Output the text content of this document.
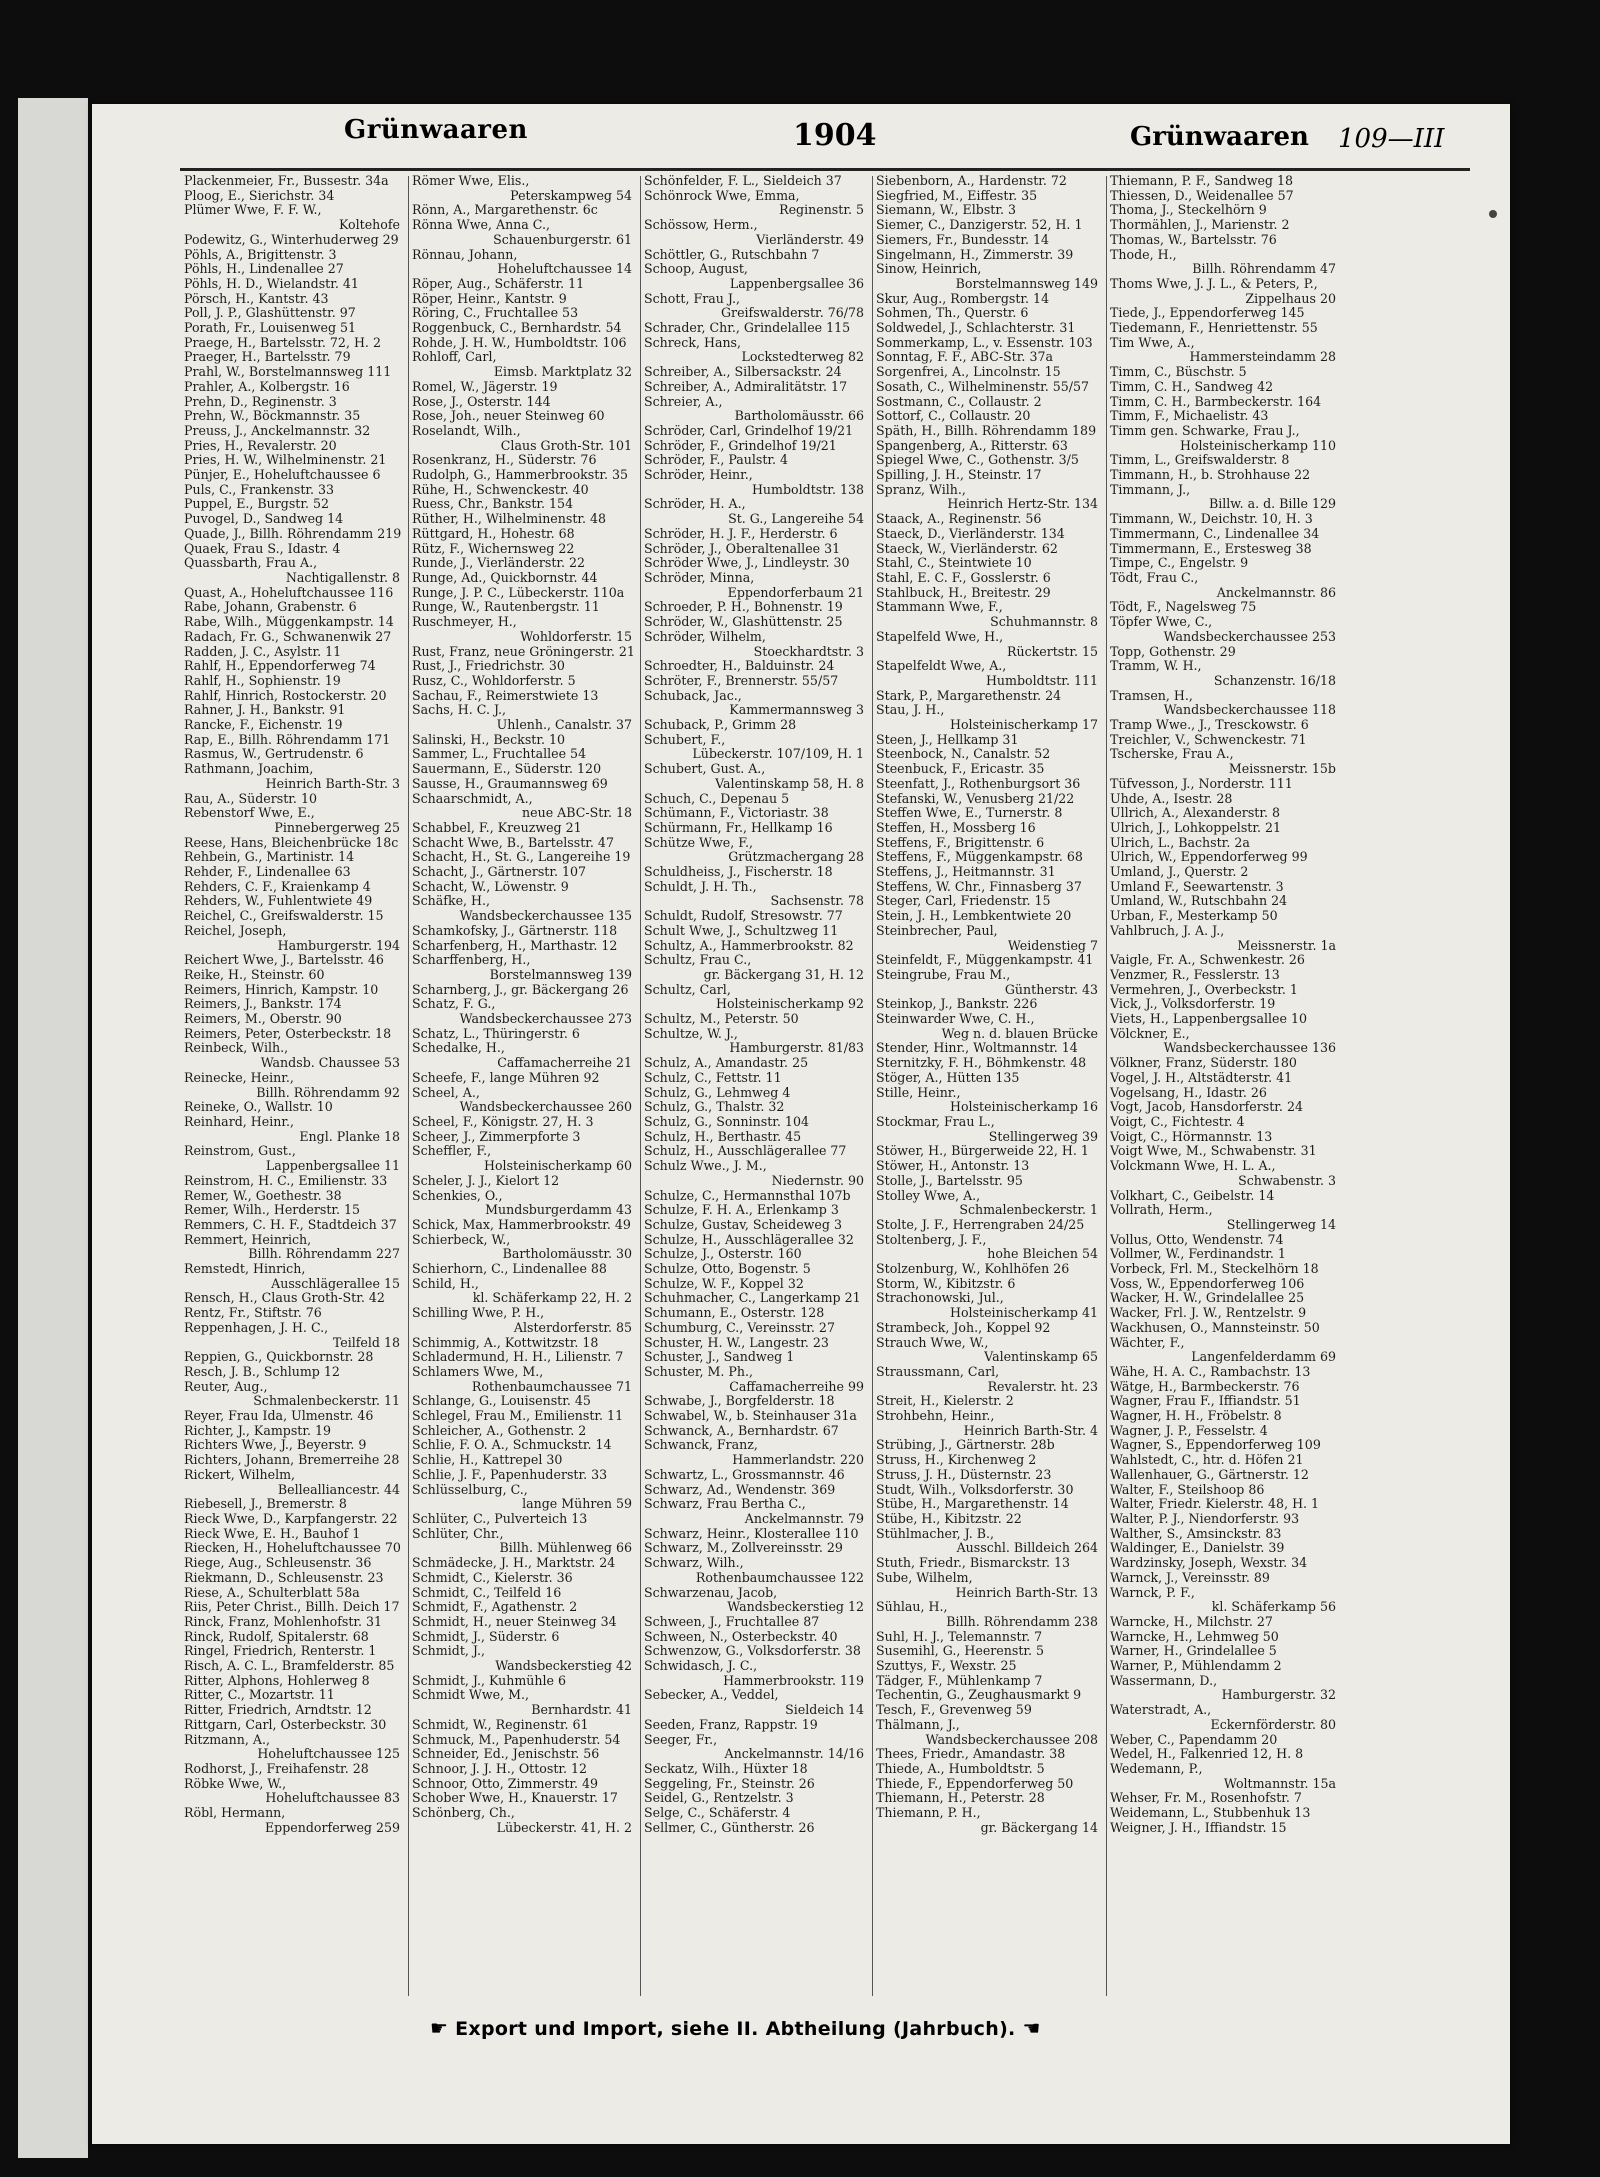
Grünwaaren	1904	Grünwaaren 109—III
Plackenmeier, Fr., Bussestr. 34a
Ploog, E., Sierichstr. 34
Plümer Wwe, F. F. W.,
Koltehofe
Podewitz, G., Winterhuderweg 29
Pöhls, A., Brigittenstr. 3
Pöhls, H., Lindenallee 27
Pöhls, H. D., Wielandstr. 41
Pörsch, H., Kantstr. 43
Poll, J. P., Glashüttenstr. 97
Porath, Fr., Louisenweg 51
Praege, H., Bartelsstr. 72, H. 2
Praeger, H., Bartelsstr. 79
Prahl, W., Borstelmannsweg 111
Prahler, A., Kolbergstr. 16
Prehn, D., Reginenstr. 3
Prehn, W., Böckmannstr. 35
Preuss, J., Anckelmannstr. 32
Pries, H., Revalerstr. 20
Pries, H. W., Wilhelminenstr. 21
Pünjer, E., Hoheluftchaussee 6
Puls, C., Frankenstr. 33
Puppel, E., Burgstr. 52
Puvogel, D., Sandweg 14
Quade, J., Billh. Röhrendamm 219
Quaek, Frau S., Idastr. 4
Quassbarth, Frau A.,
Nachtigallenstr. 8
Quast, A., Hoheluftchaussee 116
Rabe, Johann, Grabenstr. 6
Rabe, Wilh., Müggenkampstr. 14
Radach, Fr. G., Schwanenwik 27
Radden, J. C., Asylstr. 11
Rahlf, H., Eppendorferweg 74
Rahlf, H., Sophienstr. 19
Rahlf, Hinrich, Rostockerstr. 20
Rahner, J. H., Bankstr. 91
Rancke, F., Eichenstr. 19
Rap, E., Billh. Röhrendamm 171
Rasmus, W., Gertrudenstr. 6
Rathmann, Joachim,
Heinrich Barth-Str. 3
Rau, A., Süderstr. 10
Rebenstorf Wwe, E.,
Pinnebergerweg 25
Reese, Hans, Bleichenbrücke 18c
Rehbein, G., Martinistr. 14
Rehder, F., Lindenallee 63
Rehders, C. F., Kraienkamp 4
Rehders, W., Fuhlentwiete 49
Reichel, C., Greifswalderstr. 15
Reichel, Joseph,
Hamburgerstr. 194
Reichert Wwe, J., Bartelsstr. 46
Reike, H., Steinstr. 60
Reimers, Hinrich, Kampstr. 10
Reimers, J., Bankstr. 174
Reimers, M., Oberstr. 90
Reimers, Peter, Osterbeckstr. 18
Reinbeck, Wilh.,
Wandsb. Chaussee 53
Reinecke, Heinr.,
Billh. Röhrendamm 92
Reineke, O., Wallstr. 10
Reinhard, Heinr.,
Engl. Planke 18
Reinstrom, Gust.,
Lappenbergsallee 11
Reinstrom, H. C., Emilienstr. 33
Remer, W., Goethestr. 38
Remer, Wilh., Herderstr. 15
Remmers, C. H. F., Stadtdeich 37
Remmert, Heinrich,
Billh. Röhrendamm 227
Remstedt, Hinrich,
Ausschlägerallee 15
Rensch, H., Claus Groth-Str. 42
Rentz, Fr., Stiftstr. 76
Reppenhagen, J. H. C.,
Teilfeld 18
Reppien, G., Quickbornstr. 28
Resch, J. B., Schlump 12
Reuter, Aug.,
Schmalenbeckerstr. 11
Reyer, Frau Ida, Ulmenstr. 46
Richter, J., Kampstr. 19
Richters Wwe, J., Beyerstr. 9
Richters, Johann, Bremerreihe 28
Rickert, Wilhelm,
Bellealliancestr. 44
Riebesell, J., Bremerstr. 8
Rieck Wwe, D., Karpfangerstr. 22
Rieck Wwe, E. H., Bauhof 1
Riecken, H., Hoheluftchaussee 70
Riege, Aug., Schleusenstr. 36
Riekmann, D., Schleusenstr. 23
Riese, A., Schulterblatt 58a
Riis, Peter Christ., Billh. Deich 17
Rinck, Franz, Mohlenhofstr. 31
Rinck, Rudolf, Spitalerstr. 68
Ringel, Friedrich, Renterstr. 1
Risch, A. C. L., Bramfelderstr. 85
Ritter, Alphons, Hohlerweg 8
Ritter, C., Mozartstr. 11
Ritter, Friedrich, Arndtstr. 12
Rittgarn, Carl, Osterbeckstr. 30
Ritzmann, A.,
Hoheluftchaussee 125
Rodhorst, J., Freihafenstr. 28
Röbke Wwe, W.,
Hoheluftchaussee 83
Röbl, Hermann,
Eppendorferweg 259
Römer Wwe, Elis.,
Peterskampweg 54
Rönn, A., Margarethenstr. 6c
Rönna Wwe, Anna C.,
Schauenburgerstr. 61
Rönnau, Johann,
Hoheluftchaussee 14
Röper, Aug., Schäferstr. 11
Röper, Heinr., Kantstr. 9
Röring, C., Fruchtallee 53
Roggenbuck, C., Bernhardstr. 54
Rohde, J. H. W., Humboldtstr. 106
Rohloff, Carl,
Eimsb. Marktplatz 32
Romel, W., Jägerstr. 19
Rose, J., Osterstr. 144
Rose, Joh., neuer Steinweg 60
Roselandt, Wilh.,
Claus Groth-Str. 101
Rosenkranz, H., Süderstr. 76
Rudolph, G., Hammerbrookstr. 35
Rühe, H., Schwenckestr. 40
Ruess, Chr., Bankstr. 154
Rüther, H., Wilhelminenstr. 48
Rüttgard, H., Hohestr. 68
Rütz, F., Wichernsweg 22
Runde, J., Vierländerstr. 22
Runge, Ad., Quickbornstr. 44
Runge, J. P. C., Lübeckerstr. 110a
Runge, W., Rautenbergstr. 11
Ruschmeyer, H.,
Wohldorferstr. 15
Rust, Franz, neue Gröningerstr. 21
Rust, J., Friedrichstr. 30
Rusz, C., Wohldorferstr. 5
Sachau, F., Reimerstwiete 13
Sachs, H. C. J.,
Uhlenh., Canalstr. 37
Salinski, H., Beckstr. 10
Sammer, L., Fruchtallee 54
Sauermann, E., Süderstr. 120
Sausse, H., Graumannsweg 69
Schaarschmidt, A.,
neue ABC-Str. 18
Schabbel, F., Kreuzweg 21
Schacht Wwe, B., Bartelsstr. 47
Schacht, H., St. G., Langereihe 19
Schacht, J., Gärtnerstr. 107
Schacht, W., Löwenstr. 9
Schäfke, H.,
Wandsbeckerchaussee 135
Schamkofsky, J., Gärtnerstr. 118
Scharfenberg, H., Marthastr. 12
Scharffenberg, H.,
Borstelmannsweg 139
Scharnberg, J., gr. Bäckergang 26
Schatz, F. G.,
Wandsbeckerchaussee 273
Schatz, L., Thüringerstr. 6
Schedalke, H.,
Caffamacherreihe 21
Scheefe, F., lange Mühren 92
Scheel, A.,
Wandsbeckerchaussee 260
Scheel, F., Königstr. 27, H. 3
Scheer, J., Zimmerpforte 3
Scheffler, F.,
Holsteinischerkamp 60
Scheler, J. J., Kielort 12
Schenkies, O.,
Mundsburgerdamm 43
Schick, Max, Hammerbrookstr. 49
Schierbeck, W.,
Bartholomäusstr. 30
Schierhorn, C., Lindenallee 88
Schild, H.,
kl. Schäferkamp 22, H. 2
Schilling Wwe, P. H.,
Alsterdorferstr. 85
Schimmig, A., Kottwitzstr. 18
Schladermund, H. H., Lilienstr. 7
Schlamers Wwe, M.,
Rothenbaumchaussee 71
Schlange, G., Louisenstr. 45
Schlegel, Frau M., Emilienstr. 11
Schleicher, A., Gothenstr. 2
Schlie, F. O. A., Schmuckstr. 14
Schlie, H., Kattrepel 30
Schlie, J. F., Papenhuderstr. 33
Schlüsselburg, C.,
lange Mühren 59
Schlüter, C., Pulverteich 13
Schlüter, Chr.,
Billh. Mühlenweg 66
Schmädecke, J. H., Marktstr. 24
Schmidt, C., Kielerstr. 36
Schmidt, C., Teilfeld 16
Schmidt, F., Agathenstr. 2
Schmidt, H., neuer Steinweg 34
Schmidt, J., Süderstr. 6
Schmidt, J.,
Wandsbeckerstieg 42
Schmidt, J., Kuhmühle 6
Schmidt Wwe, M.,
Bernhardstr. 41
Schmidt, W., Reginenstr. 61
Schmuck, M., Papenhuderstr. 54
Schneider, Ed., Jenischstr. 56
Schnoor, J. J. H., Ottostr. 12
Schnoor, Otto, Zimmerstr. 49
Schober Wwe, H., Knauerstr. 17
Schönberg, Ch.,
Lübeckerstr. 41, H. 2
Schönfelder, F. L., Sieldeich 37
Schönrock Wwe, Emma,
Reginenstr. 5
Schössow, Herm.,
Vierländerstr. 49
Schöttler, G., Rutschbahn 7
Schoop, August,
Lappenbergsallee 36
Schott, Frau J.,
Greifswalderstr. 76/78
Schrader, Chr., Grindelallee 115
Schreck, Hans,
Lockstedterweg 82
Schreiber, A., Silbersackstr. 24
Schreiber, A., Admiralitätstr. 17
Schreier, A.,
Bartholomäusstr. 66
Schröder, Carl, Grindelhof 19/21
Schröder, F., Grindelhof 19/21
Schröder, F., Paulstr. 4
Schröder, Heinr.,
Humboldtstr. 138
Schröder, H. A.,
St. G., Langereihe 54
Schröder, H. J. F., Herderstr. 6
Schröder, J., Oberaltenallee 31
Schröder Wwe, J., Lindleystr. 30
Schröder, Minna,
Eppendorferbaum 21
Schroeder, P. H., Bohnenstr. 19
Schröder, W., Glashüttenstr. 25
Schröder, Wilhelm,
Stoeckhardtstr. 3
Schroedter, H., Balduinstr. 24
Schröter, F., Brennerstr. 55/57
Schuback, Jac.,
Kammermannsweg 3
Schuback, P., Grimm 28
Schubert, F.,
Lübeckerstr. 107/109, H. 1
Schubert, Gust. A.,
Valentinskamp 58, H. 8
Schuch, C., Depenau 5
Schümann, F., Victoriastr. 38
Schürmann, Fr., Hellkamp 16
Schütze Wwe, F.,
Grützmachergang 28
Schuldheiss, J., Fischerstr. 18
Schuldt, J. H. Th.,
Sachsenstr. 78
Schuldt, Rudolf, Stresowstr. 77
Schult Wwe, J., Schultzweg 11
Schultz, A., Hammerbrookstr. 82
Schultz, Frau C.,
gr. Bäckergang 31, H. 12
Schultz, Carl,
Holsteinischerkamp 92
Schultz, M., Peterstr. 50
Schultze, W. J.,
Hamburgerstr. 81/83
Schulz, A., Amandastr. 25
Schulz, C., Fettstr. 11
Schulz, G., Lehmweg 4
Schulz, G., Thalstr. 32
Schulz, G., Sonninstr. 104
Schulz, H., Berthastr. 45
Schulz, H., Ausschlägerallee 77
Schulz Wwe., J. M.,
Niedernstr. 90
Schulze, C., Hermannsthal 107b
Schulze, F. H. A., Erlenkamp 3
Schulze, Gustav, Scheideweg 3
Schulze, H., Ausschlägerallee 32
Schulze, J., Osterstr. 160
Schulze, Otto, Bogenstr. 5
Schulze, W. F., Koppel 32
Schuhmacher, C., Langerkamp 21
Schumann, E., Osterstr. 128
Schumburg, C., Vereinsstr. 27
Schuster, H. W., Langestr. 23
Schuster, J., Sandweg 1
Schuster, M. Ph.,
Caffamacherreihe 99
Schwabe, J., Borgfelderstr. 18
Schwabel, W., b. Steinhauser 31a
Schwanck, A., Bernhardstr. 67
Schwanck, Franz,
Hammerlandstr. 220
Schwartz, L., Grossmannstr. 46
Schwarz, Ad., Wendenstr. 369
Schwarz, Frau Bertha C.,
Anckelmannstr. 79
Schwarz, Heinr., Klosterallee 110
Schwarz, M., Zollvereinsstr. 29
Schwarz, Wilh.,
Rothenbaumchaussee 122
Schwarzenau, Jacob,
Wandsbeckerstieg 12
Schween, J., Fruchtallee 87
Schween, N., Osterbeckstr. 40
Schwenzow, G., Volksdorferstr. 38
Schwidasch, J. C.,
Hammerbrookstr. 119
Sebecker, A., Veddel,
Sieldeich 14
Seeden, Franz, Rappstr. 19
Seeger, Fr.,
Anckelmannstr. 14/16
Seckatz, Wilh., Hüxter 18
Seggeling, Fr., Steinstr. 26
Seidel, G., Rentzelstr. 3
Selge, C., Schäferstr. 4
Sellmer, C., Güntherstr. 26
Siebenborn, A., Hardenstr. 72
Siegfried, M., Eiffestr. 35
Siemann, W., Elbstr. 3
Siemer, C., Danzigerstr. 52, H. 1
Siemers, Fr., Bundesstr. 14
Singelmann, H., Zimmerstr. 39
Sinow, Heinrich,
Borstelmannsweg 149
Skur, Aug., Rombergstr. 14
Sohmen, Th., Querstr. 6
Soldwedel, J., Schlachterstr. 31
Sommerkamp, L., v. Essenstr. 103
Sonntag, F. F., ABC-Str. 37a
Sorgenfrei, A., Lincolnstr. 15
Sosath, C., Wilhelminenstr. 55/57
Sostmann, C., Collaustr. 2
Sottorf, C., Collaustr. 20
Späth, H., Billh. Röhrendamm 189
Spangenberg, A., Ritterstr. 63
Spiegel Wwe, C., Gothenstr. 3/5
Spilling, J. H., Steinstr. 17
Spranz, Wilh.,
Heinrich Hertz-Str. 134
Staack, A., Reginenstr. 56
Staeck, D., Vierländerstr. 134
Staeck, W., Vierländerstr. 62
Stahl, C., Steintwiete 10
Stahl, E. C. F., Gosslerstr. 6
Stahlbuck, H., Breitestr. 29
Stammann Wwe, F.,
Schuhmannstr. 8
Stapelfeld Wwe, H.,
Rückertstr. 15
Stapelfeldt Wwe, A.,
Humboldtstr. 111
Stark, P., Margarethenstr. 24
Stau, J. H.,
Holsteinischerkamp 17
Steen, J., Hellkamp 31
Steenbock, N., Canalstr. 52
Steenbuck, F., Ericastr. 35
Steenfatt, J., Rothenburgsort 36
Stefanski, W., Venusberg 21/22
Steffen Wwe, E., Turnerstr. 8
Steffen, H., Mossberg 16
Steffens, F., Brigittenstr. 6
Steffens, F., Müggenkampstr. 68
Steffens, J., Heitmannstr. 31
Steffens, W. Chr., Finnasberg 37
Steger, Carl, Friedenstr. 15
Stein, J. H., Lembkentwiete 20
Steinbrecher, Paul,
Weidenstieg 7
Steinfeldt, F., Müggenkampstr. 41
Steingrube, Frau M.,
Güntherstr. 43
Steinkop, J., Bankstr. 226
Steinwarder Wwe, C. H.,
Weg n. d. blauen Brücke
Stender, Hinr., Woltmannstr. 14
Sternitzky, F. H., Böhmkenstr. 48
Stöger, A., Hütten 135
Stille, Heinr.,
Holsteinischerkamp 16
Stockmar, Frau L.,
Stellingerweg 39
Stöwer, H., Bürgerweide 22, H. 1
Stöwer, H., Antonstr. 13
Stolle, J., Bartelsstr. 95
Stolley Wwe, A.,
Schmalenbeckerstr. 1
Stolte, J. F., Herrengraben 24/25
Stoltenberg, J. F.,
hohe Bleichen 54
Stolzenburg, W., Kohlhöfen 26
Storm, W., Kibitzstr. 6
Strachonowski, Jul.,
Holsteinischerkamp 41
Strambeck, Joh., Koppel 92
Strauch Wwe, W.,
Valentinskamp 65
Straussmann, Carl,
Revalerstr. ht. 23
Streit, H., Kielerstr. 2
Strohbehn, Heinr.,
Heinrich Barth-Str. 4
Strübing, J., Gärtnerstr. 28b
Struss, H., Kirchenweg 2
Struss, J. H., Düsternstr. 23
Studt, Wilh., Volksdorferstr. 30
Stübe, H., Margarethenstr. 14
Stübe, H., Kibitzstr. 22
Stühlmacher, J. B.,
Ausschl. Billdeich 264
Stuth, Friedr., Bismarckstr. 13
Sube, Wilhelm,
Heinrich Barth-Str. 13
Sühlau, H.,
Billh. Röhrendamm 238
Suhl, H. J., Telemannstr. 7
Susemihl, G., Heerenstr. 5
Szuttys, F., Wexstr. 25
Tädger, F., Mühlenkamp 7
Techentin, G., Zeughausmarkt 9
Tesch, F., Grevenweg 59
Thälmann, J.,
Wandsbeckerchaussee 208
Thees, Friedr., Amandastr. 38
Thiede, A., Humboldtstr. 5
Thiede, F., Eppendorferweg 50
Thiemann, H., Peterstr. 28
Thiemann, P. H.,
gr. Bäckergang 14
Thiemann, P. F., Sandweg 18
Thiessen, D., Weidenallee 57
Thoma, J., Steckelhörn 9
Thormählen, J., Marienstr. 2
Thomas, W., Bartelsstr. 76
Thode, H.,
Billh. Röhrendamm 47
Thoms Wwe, J. J. L., & Peters, P.,
Zippelhaus 20
Tiede, J., Eppendorferweg 145
Tiedemann, F., Henriettenstr. 55
Tim Wwe, A.,
Hammersteindamm 28
Timm, C., Büschstr. 5
Timm, C. H., Sandweg 42
Timm, C. H., Barmbeckerstr. 164
Timm, F., Michaelistr. 43
Timm gen. Schwarke, Frau J.,
Holsteinischerkamp 110
Timm, L., Greifswalderstr. 8
Timmann, H., b. Strohhause 22
Timmann, J.,
Billw. a. d. Bille 129
Timmann, W., Deichstr. 10, H. 3
Timmermann, C., Lindenallee 34
Timmermann, E., Erstesweg 38
Timpe, C., Engelstr. 9
Tödt, Frau C.,
Anckelmannstr. 86
Tödt, F., Nagelsweg 75
Töpfer Wwe, C.,
Wandsbeckerchaussee 253
Topp, Gothenstr. 29
Tramm, W. H.,
Schanzenstr. 16/18
Tramsen, H.,
Wandsbeckerchaussee 118
Tramp Wwe., J., Tresckowstr. 6
Treichler, V., Schwenckestr. 71
Tscherske, Frau A.,
Meissnerstr. 15b
Tüfvesson, J., Norderstr. 111
Uhde, A., Isestr. 28
Ullrich, A., Alexanderstr. 8
Ulrich, J., Lohkoppelstr. 21
Ulrich, L., Bachstr. 2a
Ulrich, W., Eppendorferweg 99
Umland, J., Querstr. 2
Umland F., Seewartenstr. 3
Umland, W., Rutschbahn 24
Urban, F., Mesterkamp 50
Vahlbruch, J. A. J.,
Meissnerstr. 1a
Vaigle, Fr. A., Schwenkestr. 26
Venzmer, R., Fesslerstr. 13
Vermehren, J., Overbeckstr. 1
Vick, J., Volksdorferstr. 19
Viets, H., Lappenbergsallee 10
Völckner, E.,
Wandsbeckerchaussee 136
Völkner, Franz, Süderstr. 180
Vogel, J. H., Altstädterstr. 41
Vogelsang, H., Idastr. 26
Vogt, Jacob, Hansdorferstr. 24
Voigt, C., Fichtestr. 4
Voigt, C., Hörmannstr. 13
Voigt Wwe, M., Schwabenstr. 31
Volckmann Wwe, H. L. A.,
Schwabenstr. 3
Volkhart, C., Geibelstr. 14
Vollrath, Herm.,
Stellingerweg 14
Vollus, Otto, Wendenstr. 74
Vollmer, W., Ferdinandstr. 1
Vorbeck, Frl. M., Steckelhörn 18
Voss, W., Eppendorferweg 106
Wacker, H. W., Grindelallee 25
Wacker, Frl. J. W., Rentzelstr. 9
Wackhusen, O., Mannsteinstr. 50
Wächter, F.,
Langenfelderdamm 69
Wähe, H. A. C., Rambachstr. 13
Wätge, H., Barmbeckerstr. 76
Wagner, Frau F., Iffiandstr. 51
Wagner, H. H., Fröbelstr. 8
Wagner, J. P., Fesselstr. 4
Wagner, S., Eppendorferweg 109
Wahlstedt, C., htr. d. Höfen 21
Wallenhauer, G., Gärtnerstr. 12
Walter, F., Steilshoop 86
Walter, Friedr. Kielerstr. 48, H. 1
Walter, P. J., Niendorferstr. 93
Walther, S., Amsinckstr. 83
Waldinger, E., Danielstr. 39
Wardzinsky, Joseph, Wexstr. 34
Warnck, J., Vereinsstr. 89
Warnck, P. F.,
kl. Schäferkamp 56
Warncke, H., Milchstr. 27
Warncke, H., Lehmweg 50
Warner, H., Grindelallee 5
Warner, P., Mühlendamm 2
Wassermann, D.,
Hamburgerstr. 32
Waterstradt, A.,
Eckernförderstr. 80
Weber, C., Papendamm 20
Wedel, H., Falkenried 12, H. 8
Wedemann, P.,
Woltmannstr. 15a
Wehser, Fr. M., Rosenhofstr. 7
Weidemann, L., Stubbenhuk 13
Weigner, J. H., Iffiandstr. 15
☛ Export und Import, siehe II. Abtheilung (Jahrbuch). ☚
